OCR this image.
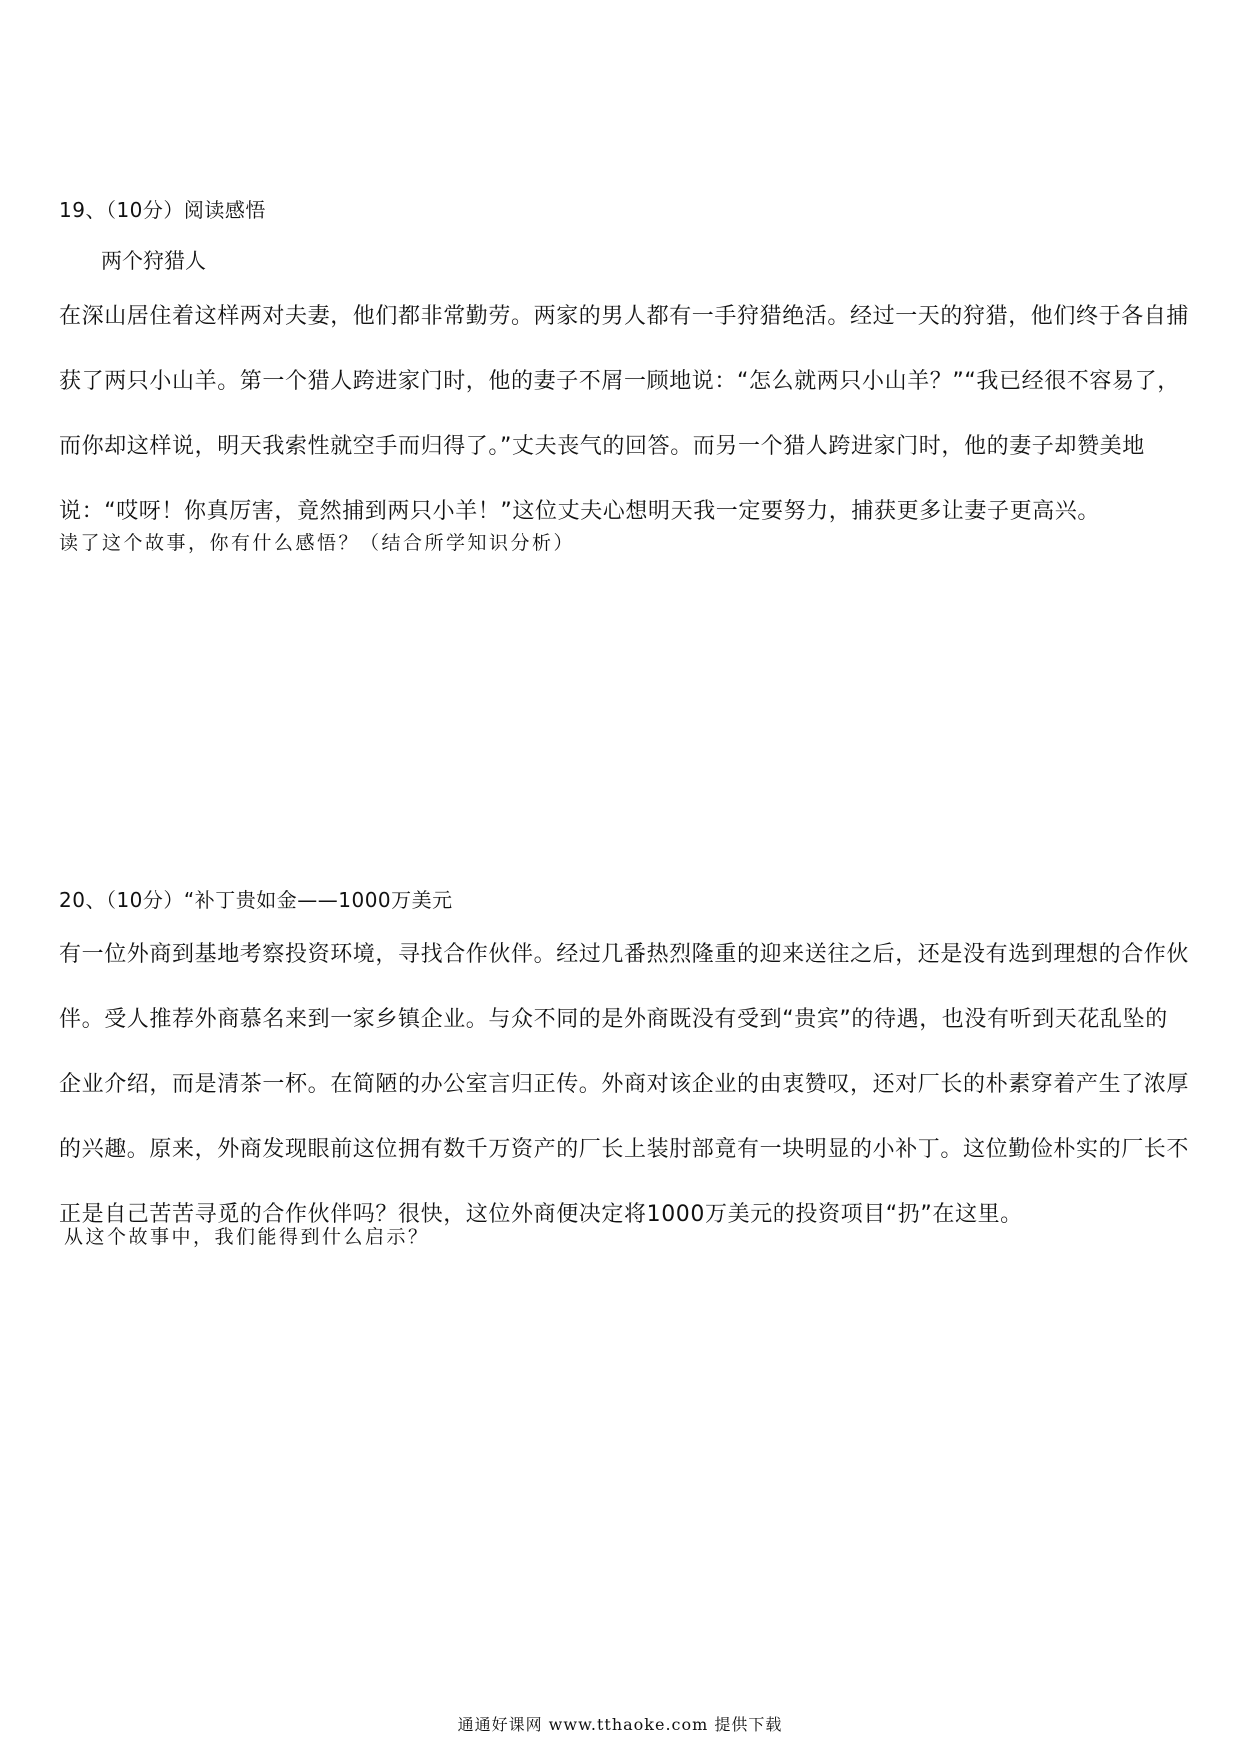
19、（10分）阅读感悟
两个狩猎人

在深山居住着这样两对夫妻，他们都非常勤劳。两家的男人都有一手狩猎绝活。经过一天的狩猎，他们终于各自捕获了两只小山羊。第一个猎人跨进家门时，他的妻子不屑一顾地说：“怎么就两只小山羊？”“我已经很不容易了，而你却这样说，明天我索性就空手而归得了。”丈夫丧气的回答。而另一个猎人跨进家门时，他的妻子却赞美地说：“哎呀！你真厉害，竟然捕到两只小羊！”这位丈夫心想明天我一定要努力，捕获更多让妻子更高兴。

读了这个故事，你有什么感悟？（结合所学知识分析）
20、（10分）“补丁贵如金——1000万美元

有一位外商到基地考察投资环境，寻找合作伙伴。经过几番热烈隆重的迎来送往之后，还是没有选到理想的合作伙伴。受人推荐外商慕名来到一家乡镇企业。与众不同的是外商既没有受到“贵宾”的待遇，也没有听到天花乱坠的企业介绍，而是清茶一杯。在简陋的办公室言归正传。外商对该企业的由衷赞叹，还对厂长的朴素穿着产生了浓厚的兴趣。原来，外商发现眼前这位拥有数千万资产的厂长上装肘部竟有一块明显的小补丁。这位勤俭朴实的厂长不正是自己苦苦寻觅的合作伙伴吗？很快，这位外商便决定将1000万美元的投资项目“扔”在这里。

从这个故事中，我们能得到什么启示？
通通好课网 www.tthaoke.com 提供下载
